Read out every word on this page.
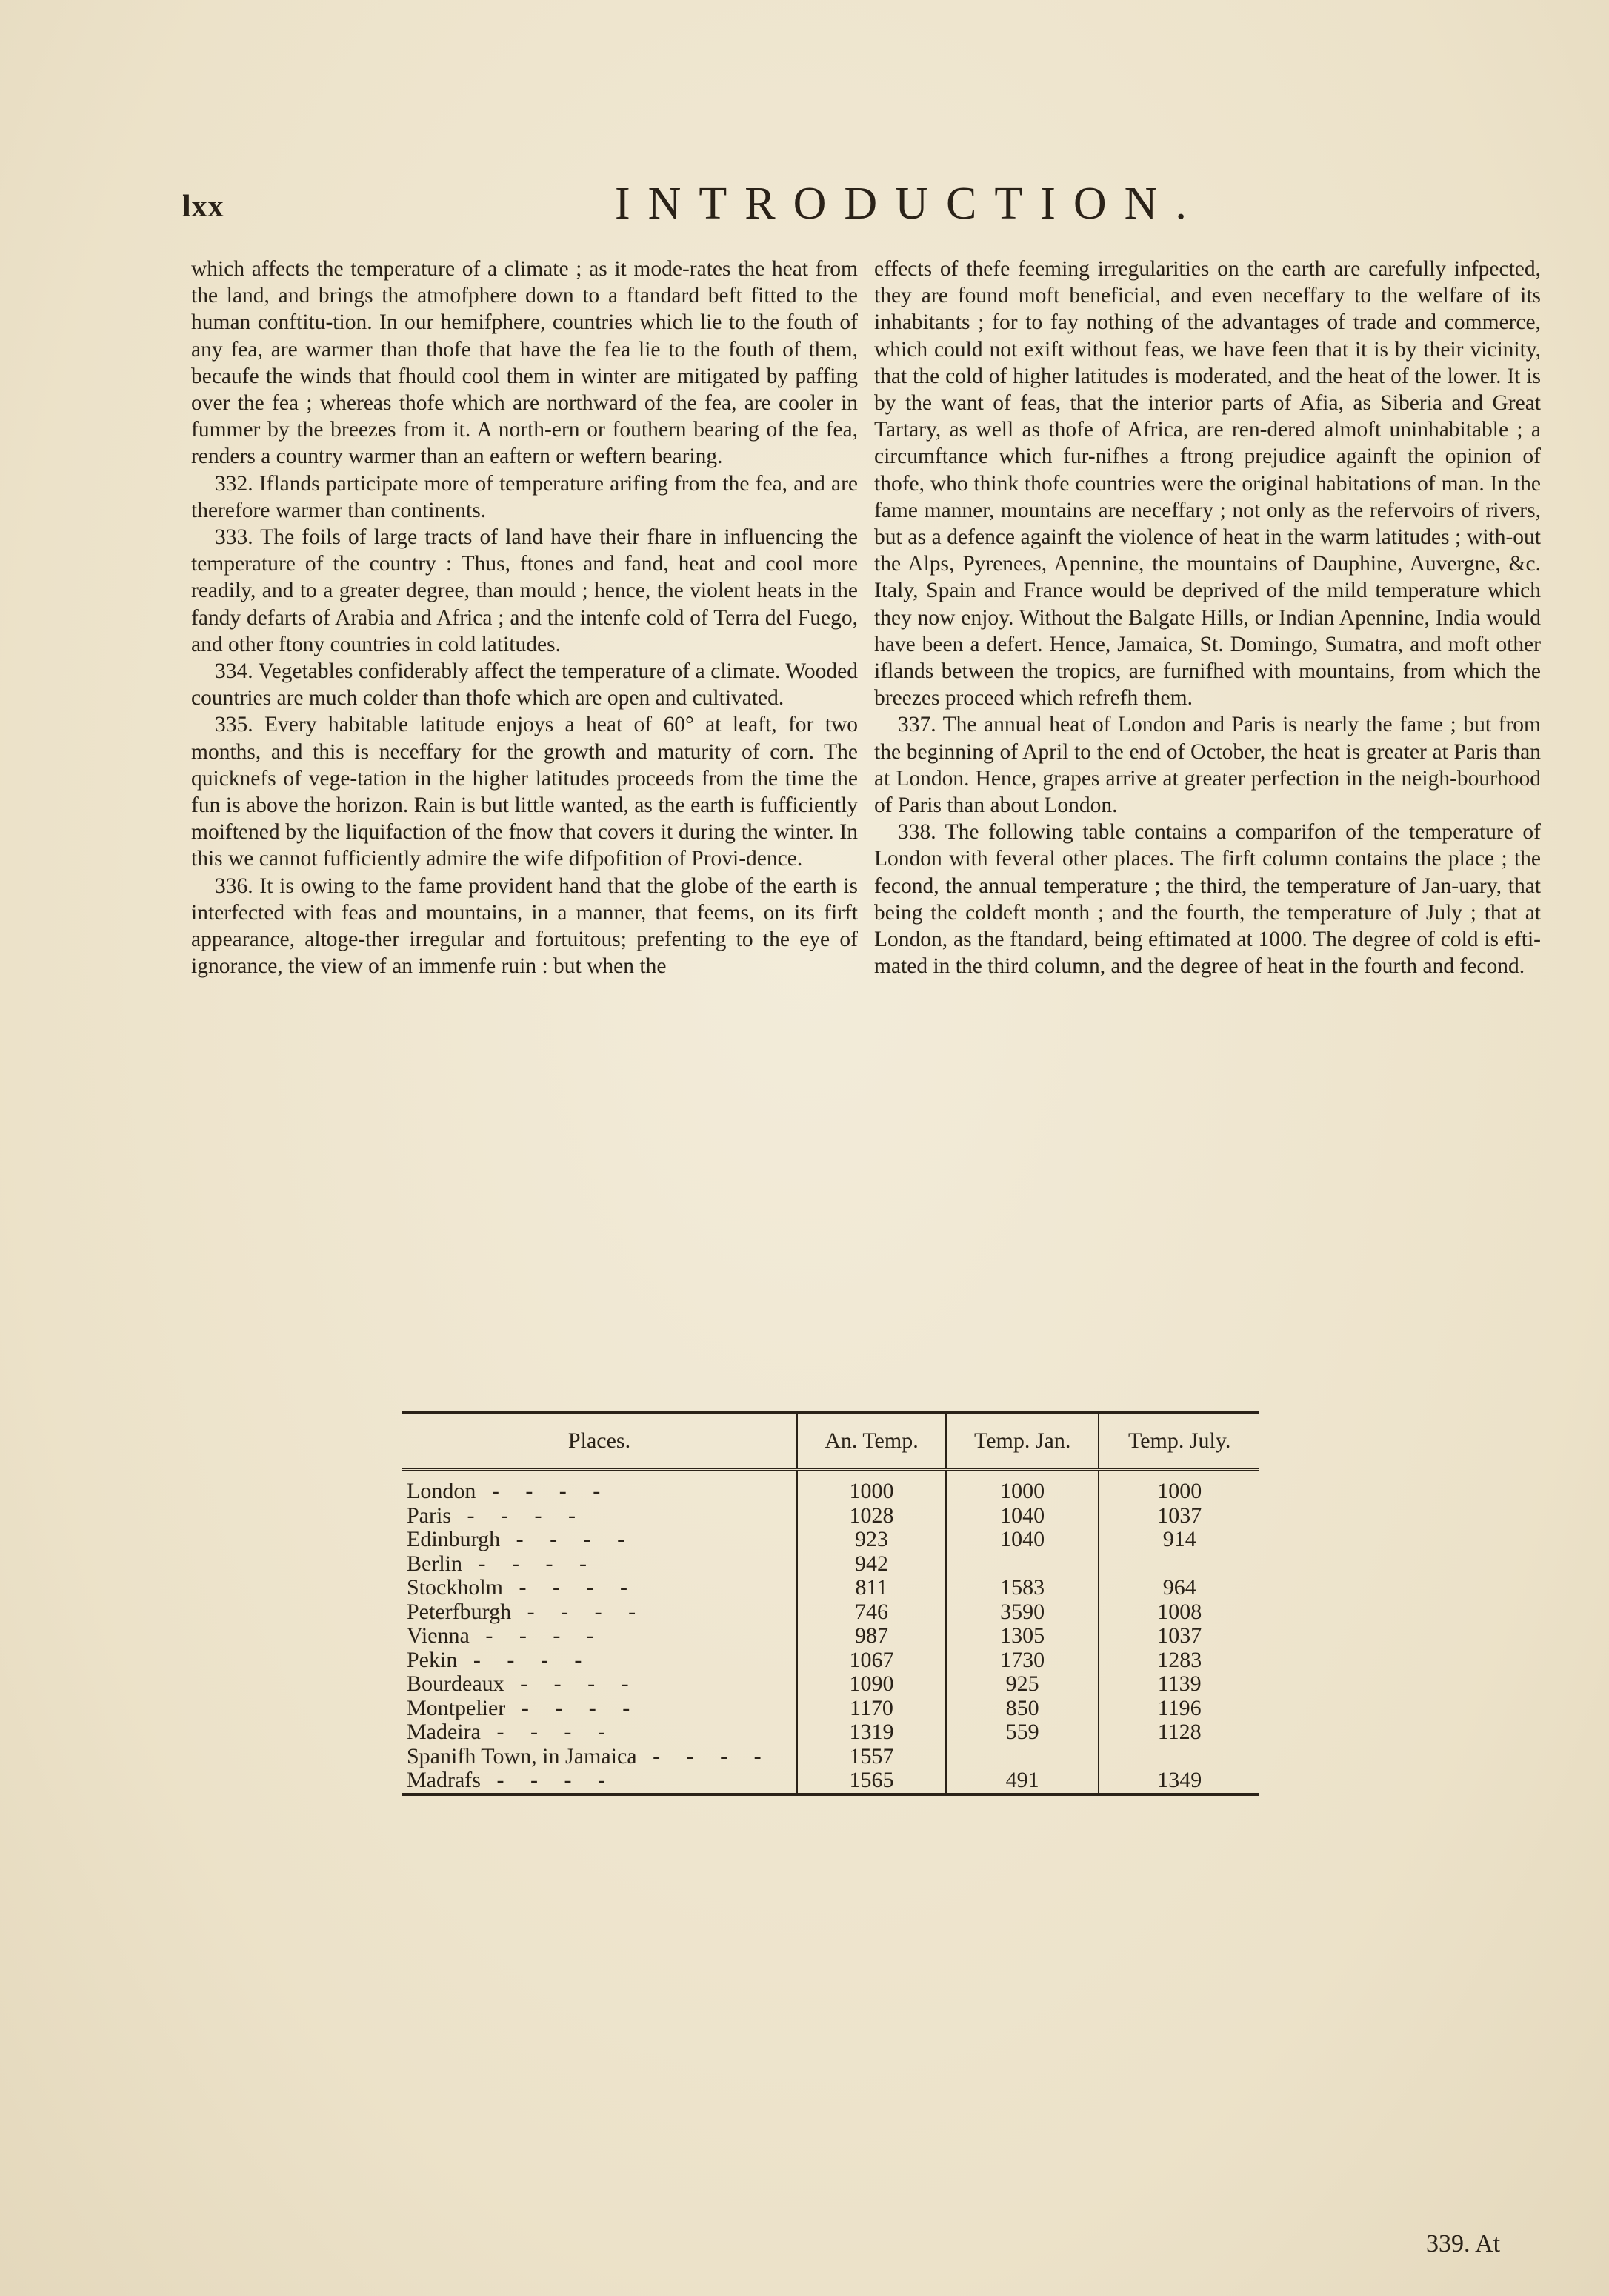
lxx	INTRODUCTION.

which affects the temperature of a climate ; as it mode-rates the heat from the land, and brings the atmofphere down to a ftandard beft fitted to the human conftitu-tion. In our hemifphere, countries which lie to the fouth of any fea, are warmer than thofe that have the fea lie to the fouth of them, becaufe the winds that fhould cool them in winter are mitigated by paffing over the fea ; whereas thofe which are northward of the fea, are cooler in fummer by the breezes from it. A north-ern or fouthern bearing of the fea, renders a country warmer than an eaftern or weftern bearing.

332. Iflands participate more of temperature arifing from the fea, and are therefore warmer than continents.

333. The foils of large tracts of land have their fhare in influencing the temperature of the country : Thus, ftones and fand, heat and cool more readily, and to a greater degree, than mould ; hence, the violent heats in the fandy defarts of Arabia and Africa ; and the intenfe cold of Terra del Fuego, and other ftony countries in cold latitudes.

334. Vegetables confiderably affect the temperature of a climate. Wooded countries are much colder than thofe which are open and cultivated.

335. Every habitable latitude enjoys a heat of 60° at leaft, for two months, and this is neceffary for the growth and maturity of corn. The quicknefs of vege-tation in the higher latitudes proceeds from the time the fun is above the horizon. Rain is but little wanted, as the earth is fufficiently moiftened by the liquifaction of the fnow that covers it during the winter. In this we cannot fufficiently admire the wife difpofition of Provi-dence.

336. It is owing to the fame provident hand that the globe of the earth is interfected with feas and mountains, in a manner, that feems, on its firft appearance, altoge-ther irregular and fortuitous; prefenting to the eye of ignorance, the view of an immenfe ruin : but when the

effects of thefe feeming irregularities on the earth are carefully infpected, they are found moft beneficial, and even neceffary to the welfare of its inhabitants ; for to fay nothing of the advantages of trade and commerce, which could not exift without feas, we have feen that it is by their vicinity, that the cold of higher latitudes is moderated, and the heat of the lower. It is by the want of feas, that the interior parts of Afia, as Siberia and Great Tartary, as well as thofe of Africa, are ren-dered almoft uninhabitable ; a circumftance which fur-nifhes a ftrong prejudice againft the opinion of thofe, who think thofe countries were the original habitations of man. In the fame manner, mountains are neceffary ; not only as the refervoirs of rivers, but as a defence againft the violence of heat in the warm latitudes ; with-out the Alps, Pyrenees, Apennine, the mountains of Dauphine, Auvergne, &c. Italy, Spain and France would be deprived of the mild temperature which they now enjoy. Without the Balgate Hills, or Indian Apennine, India would have been a defert. Hence, Jamaica, St. Domingo, Sumatra, and moft other iflands between the tropics, are furnifhed with mountains, from which the breezes proceed which refrefh them.

337. The annual heat of London and Paris is nearly the fame ; but from the beginning of April to the end of October, the heat is greater at Paris than at London. Hence, grapes arrive at greater perfection in the neigh-bourhood of Paris than about London.

338. The following table contains a comparifon of the temperature of London with feveral other places. The firft column contains the place ; the fecond, the annual temperature ; the third, the temperature of Jan-uary, that being the coldeft month ; and the fourth, the temperature of July ; that at London, as the ftandard, being eftimated at 1000. The degree of cold is efti-mated in the third column, and the degree of heat in the fourth and fecond.

Places.	An. Temp.	Temp. Jan.	Temp. July.
London - - - -	1000	1000	1000
Paris - - - -	1028	1040	1037
Edinburgh - - - -	923	1040	914
Berlin - - - -	942		
Stockholm - - - -	811	1583	964
Peterfburgh - - - -	746	3590	1008
Vienna - - - -	987	1305	1037
Pekin - - - -	1067	1730	1283
Bourdeaux - - - -	1090	925	1139
Montpelier - - - -	1170	850	1196
Madeira - - - -	1319	559	1128
Spanifh Town, in Jamaica - - - -	1557		
Madrafs - - - -	1565	491	1349
339. At
